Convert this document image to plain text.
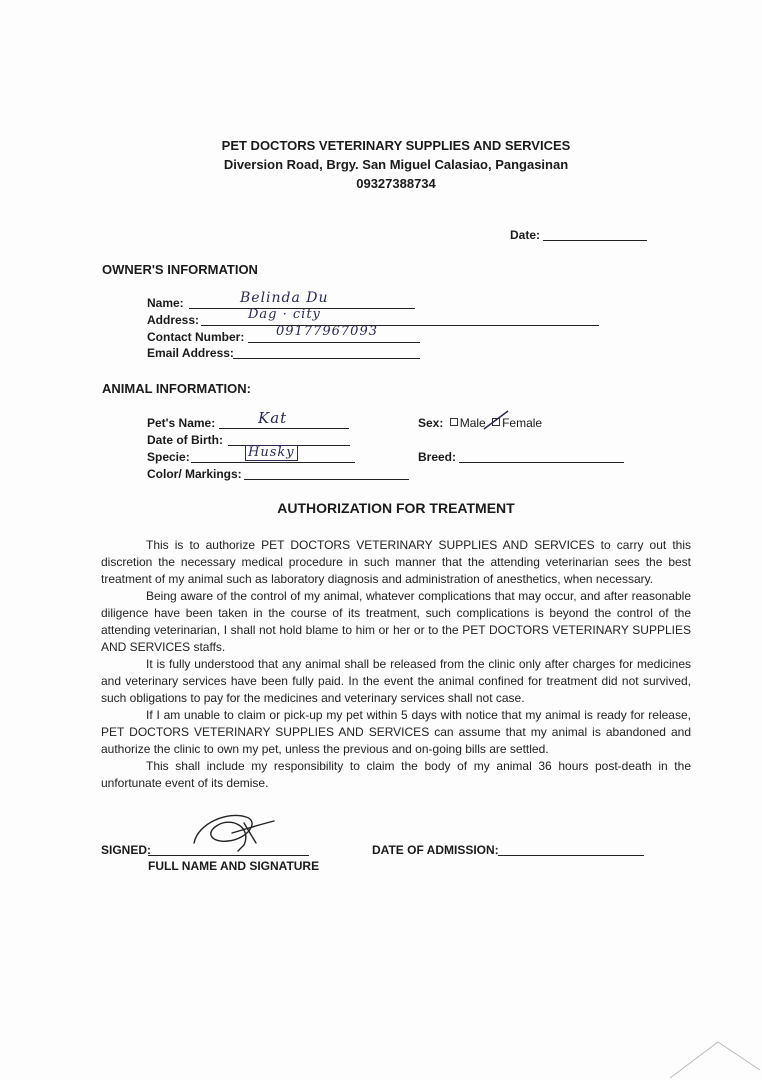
PET DOCTORS VETERINARY SUPPLIES AND SERVICES
Diversion Road, Brgy. San Miguel Calasiao, Pangasinan
09327388734
Date:
OWNER'S INFORMATION
Name:	Belinda Du
Address:	Dag · city
Contact Number: 09177967093
Email Address:
ANIMAL INFORMATION:
Pet's Name:	Kat
Date of Birth:
Specie:	Husky
Color/ Markings:
Sex: Male Female
Breed:
AUTHORIZATION FOR TREATMENT

This is to authorize PET DOCTORS VETERINARY SUPPLIES AND SERVICES to carry out this discretion the necessary medical procedure in such manner that the attending veterinarian sees the best treatment of my animal such as laboratory diagnosis and administration of anesthetics, when necessary.

Being aware of the control of my animal, whatever complications that may occur, and after reasonable diligence have been taken in the course of its treatment, such complications is beyond the control of the attending veterinarian, I shall not hold blame to him or her or to the PET DOCTORS VETERINARY SUPPLIES AND SERVICES staffs.

It is fully understood that any animal shall be released from the clinic only after charges for medicines and veterinary services have been fully paid. In the event the animal confined for treatment did not survived, such obligations to pay for the medicines and veterinary services shall not case.

If I am unable to claim or pick-up my pet within 5 days with notice that my animal is ready for release, PET DOCTORS VETERINARY SUPPLIES AND SERVICES can assume that my animal is abandoned and authorize the clinic to own my pet, unless the previous and on-going bills are settled.

This shall include my responsibility to claim the body of my animal 36 hours post-death in the unfortunate event of its demise.

SIGNED:
FULL NAME AND SIGNATURE
DATE OF ADMISSION:
